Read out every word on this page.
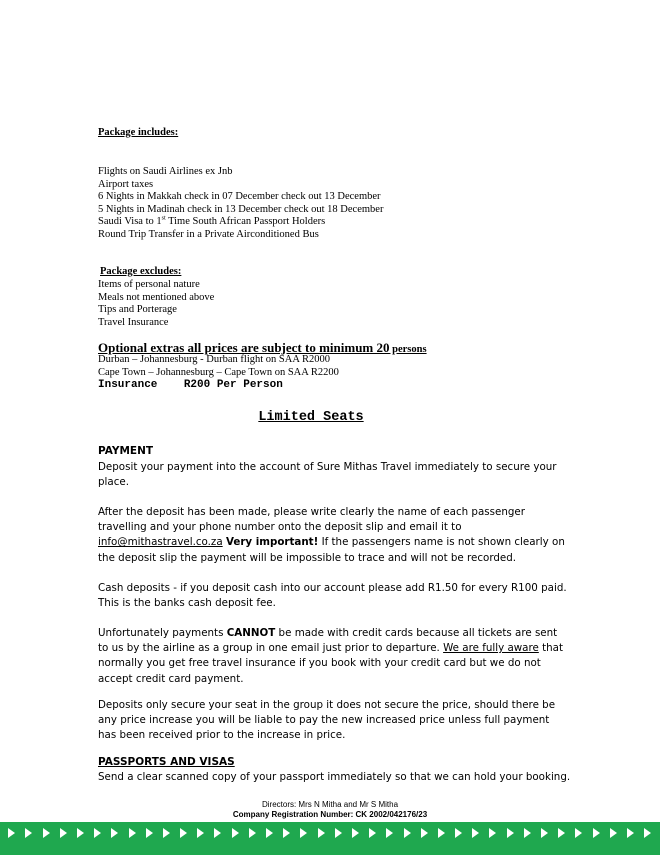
Package includes:
Flights on Saudi Airlines ex Jnb
Airport taxes
6 Nights in Makkah check in 07 December check out 13 December
5 Nights in Madinah check in 13 December check out 18 December
Saudi Visa to 1st Time South African Passport Holders
Round Trip Transfer in a Private Airconditioned Bus
Package excludes:
Items of personal nature
Meals not mentioned above
Tips and Porterage
Travel Insurance
Optional extras all prices are subject to minimum 20 persons
Durban – Johannesburg - Durban flight on SAA R2000
Cape Town – Johannesburg – Cape Town on SAA R2200
Insurance    R200 Per Person
Limited Seats
PAYMENT

Deposit your payment into the account of Sure Mithas Travel immediately to secure your place.

After the deposit has been made, please write clearly the name of each passenger travelling and your phone number onto the deposit slip and email it to info@mithastravel.co.za Very important! If the passengers name is not shown clearly on the deposit slip the payment will be impossible to trace and will not be recorded.

Cash deposits - if you deposit cash into our account please add R1.50 for every R100 paid. This is the banks cash deposit fee.

Unfortunately payments CANNOT be made with credit cards because all tickets are sent to us by the airline as a group in one email just prior to departure. We are fully aware that normally you get free travel insurance if you book with your credit card but we do not accept credit card payment.

Deposits only secure your seat in the group it does not secure the price, should there be any price increase you will be liable to pay the new increased price unless full payment has been received prior to the increase in price.

PASSPORTS AND VISAS
Send a clear scanned copy of your passport immediately so that we can hold your booking.
Directors: Mrs N Mitha and Mr S Mitha
Company Registration Number: CK 2002/042176/23
